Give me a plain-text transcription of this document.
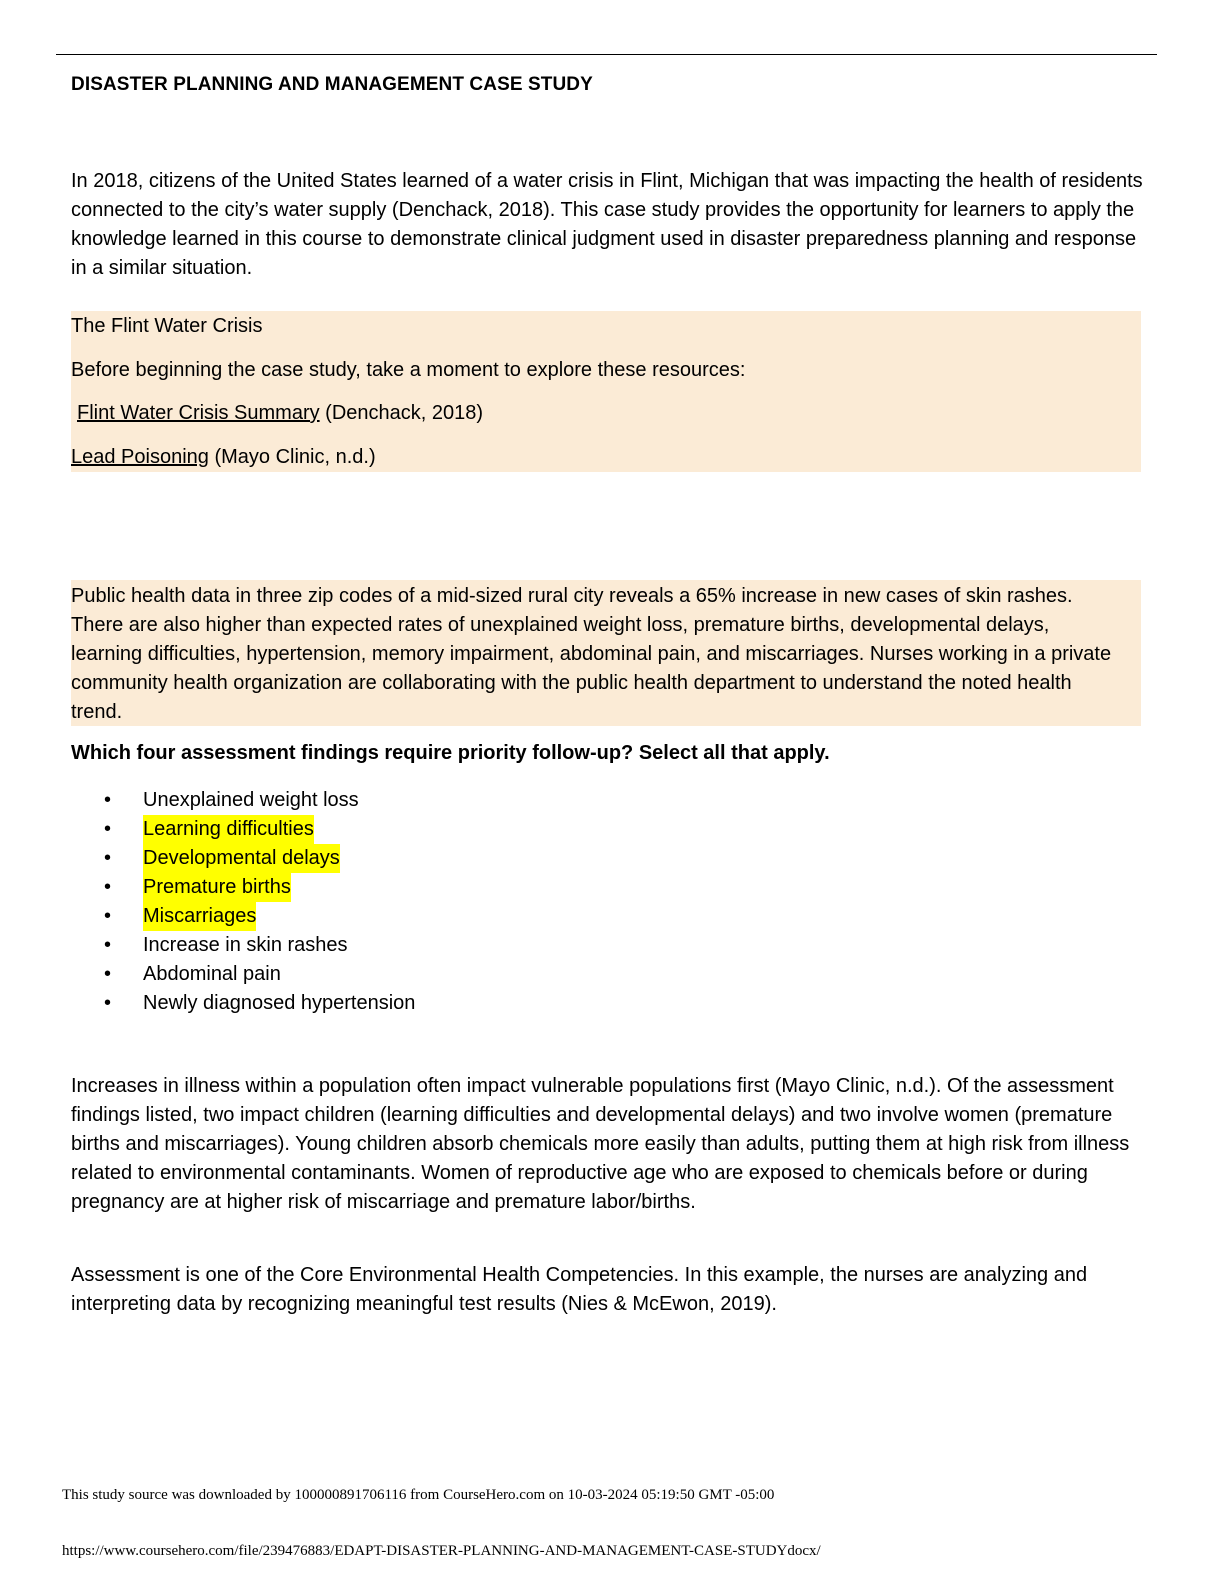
DISASTER PLANNING AND MANAGEMENT CASE STUDY
In 2018, citizens of the United States learned of a water crisis in Flint, Michigan that was impacting the health of residents connected to the city’s water supply (Denchack, 2018). This case study provides the opportunity for learners to apply the knowledge learned in this course to demonstrate clinical judgment used in disaster preparedness planning and response in a similar situation.
The Flint Water Crisis
Before beginning the case study, take a moment to explore these resources:
Flint Water Crisis Summary (Denchack, 2018)
Lead Poisoning (Mayo Clinic, n.d.)
Public health data in three zip codes of a mid-sized rural city reveals a 65% increase in new cases of skin rashes. There are also higher than expected rates of unexplained weight loss, premature births, developmental delays, learning difficulties, hypertension, memory impairment, abdominal pain, and miscarriages. Nurses working in a private community health organization are collaborating with the public health department to understand the noted health trend.
Which four assessment findings require priority follow-up? Select all that apply.
• Unexplained weight loss
• Learning difficulties
• Developmental delays
• Premature births
• Miscarriages
• Increase in skin rashes
• Abdominal pain
• Newly diagnosed hypertension
Increases in illness within a population often impact vulnerable populations first (Mayo Clinic, n.d.). Of the assessment findings listed, two impact children (learning difficulties and developmental delays) and two involve women (premature births and miscarriages). Young children absorb chemicals more easily than adults, putting them at high risk from illness related to environmental contaminants. Women of reproductive age who are exposed to chemicals before or during pregnancy are at higher risk of miscarriage and premature labor/births.
Assessment is one of the Core Environmental Health Competencies. In this example, the nurses are analyzing and interpreting data by recognizing meaningful test results (Nies & McEwon, 2019).
This study source was downloaded by 100000891706116 from CourseHero.com on 10-03-2024 05:19:50 GMT -05:00
https://www.coursehero.com/file/239476883/EDAPT-DISASTER-PLANNING-AND-MANAGEMENT-CASE-STUDYdocx/
